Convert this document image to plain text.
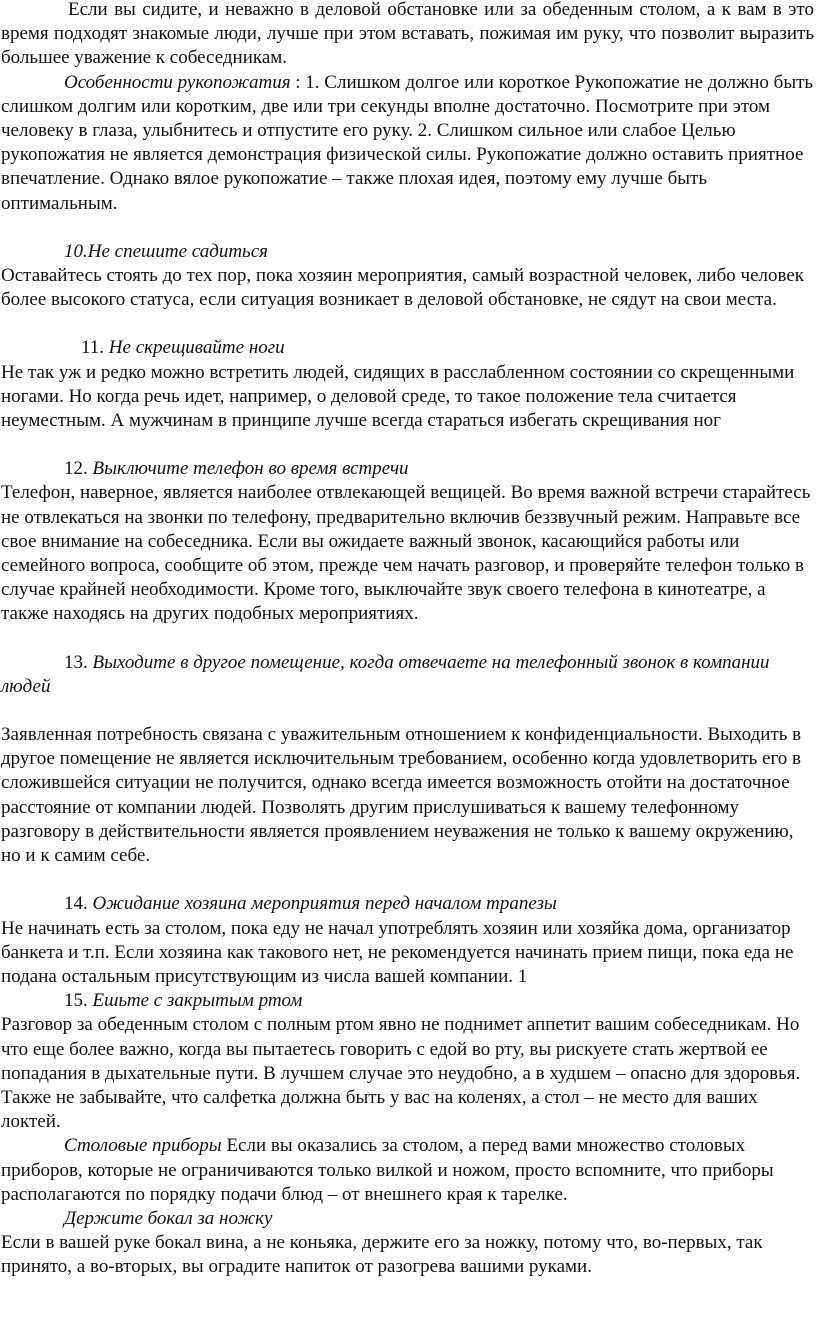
Если вы сидите, и неважно в деловой обстановке или за обеденным столом, а к вам в это время подходят знакомые люди, лучше при этом вставать, пожимая им руку, что позволит выразить большее уважение к собеседникам.

Особенности рукопожатия : 1. Слишком долгое или короткое Рукопожатие не должно быть слишком долгим или коротким, две или три секунды вполне достаточно. Посмотрите при этом человеку в глаза, улыбнитесь и отпустите его руку. 2. Слишком сильное или слабое Целью рукопожатия не является демонстрация физической силы. Рукопожатие должно оставить приятное впечатление. Однако вялое рукопожатие – также плохая идея, поэтому ему лучше быть оптимальным.

10.Не спешите садиться

Оставайтесь стоять до тех пор, пока хозяин мероприятия, самый возрастной человек, либо человек более высокого статуса, если ситуация возникает в деловой обстановке, не сядут на свои места.

11. Не скрещивайте ноги

Не так уж и редко можно встретить людей, сидящих в расслабленном состоянии со скрещенными ногами. Но когда речь идет, например, о деловой среде, то такое положение тела считается неуместным. А мужчинам в принципе лучше всегда стараться избегать скрещивания ног

12. Выключите телефон во время встречи

Телефон, наверное, является наиболее отвлекающей вещицей. Во время важной встречи старайтесь не отвлекаться на звонки по телефону, предварительно включив беззвучный режим. Направьте все свое внимание на собеседника. Если вы ожидаете важный звонок, касающийся работы или семейного вопроса, сообщите об этом, прежде чем начать разговор, и проверяйте телефон только в случае крайней необходимости. Кроме того, выключайте звук своего телефона в кинотеатре, а также находясь на других подобных мероприятиях.

13. Выходите в другое помещение, когда отвечаете на телефонный звонок в компании людей

Заявленная потребность связана с уважительным отношением к конфиденциальности. Выходить в другое помещение не является исключительным требованием, особенно когда удовлетворить его в сложившейся ситуации не получится, однако всегда имеется возможность отойти на достаточное расстояние от компании людей. Позволять другим прислушиваться к вашему телефонному разговору в действительности является проявлением неуважения не только к вашему окружению, но и к самим себе.

14. Ожидание хозяина мероприятия перед началом трапезы

Не начинать есть за столом, пока еду не начал употреблять хозяин или хозяйка дома, организатор банкета и т.п. Если хозяина как такового нет, не рекомендуется начинать прием пищи, пока еда не подана остальным присутствующим из числа вашей компании. 1

15. Ешьте с закрытым ртом

Разговор за обеденным столом с полным ртом явно не поднимет аппетит вашим собеседникам. Но что еще более важно, когда вы пытаетесь говорить с едой во рту, вы рискуете стать жертвой ее попадания в дыхательные пути. В лучшем случае это неудобно, а в худшем – опасно для здоровья. Также не забывайте, что салфетка должна быть у вас на коленях, а стол – не место для ваших локтей.

Столовые приборы Если вы оказались за столом, а перед вами множество столовых приборов, которые не ограничиваются только вилкой и ножом, просто вспомните, что приборы располагаются по порядку подачи блюд – от внешнего края к тарелке.

Держите бокал за ножку

Если в вашей руке бокал вина, а не коньяка, держите его за ножку, потому что, во-первых, так принято, а во-вторых, вы оградите напиток от разогрева вашими руками.
